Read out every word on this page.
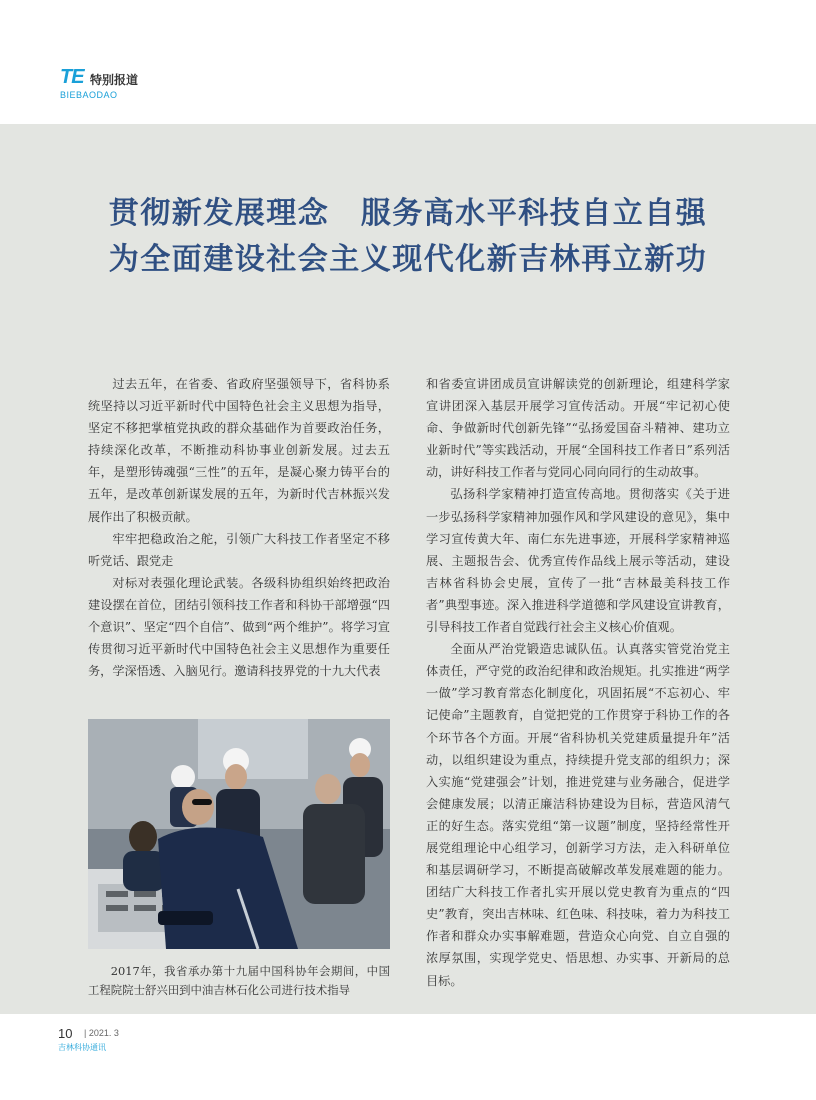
TE 特别报道
BIEBAODAO
贯彻新发展理念　服务高水平科技自立自强
为全面建设社会主义现代化新吉林再立新功

过去五年，在省委、省政府坚强领导下，省科协系统坚持以习近平新时代中国特色社会主义思想为指导，坚定不移把掌植党执政的群众基础作为首要政治任务，持续深化改革，不断推动科协事业创新发展。过去五年，是塑形铸魂强“三性”的五年，是凝心聚力铸平台的五年，是改革创新谋发展的五年，为新时代吉林振兴发展作出了积极贡献。

牢牢把稳政治之舵，引领广大科技工作者坚定不移听党话、跟党走

对标对表强化理论武装。各级科协组织始终把政治建设摆在首位，团结引领科技工作者和科协干部增强“四个意识”、坚定“四个自信”、做到“两个维护”。将学习宣传贯彻习近平新时代中国特色社会主义思想作为重要任务，学深悟透、入脑见行。邀请科技界党的十九大代表

2017年，我省承办第十九届中国科协年会期间，中国工程院院士舒兴田到中油吉林石化公司进行技术指导

和省委宣讲团成员宣讲解读党的创新理论，组建科学家宣讲团深入基层开展学习宣传活动。开展“牢记初心使命、争做新时代创新先锋”“弘扬爱国奋斗精神、建功立业新时代”等实践活动，开展“全国科技工作者日”系列活动，讲好科技工作者与党同心同向同行的生动故事。

弘扬科学家精神打造宣传高地。贯彻落实《关于进一步弘扬科学家精神加强作风和学风建设的意见》，集中学习宣传黄大年、南仁东先进事迹，开展科学家精神巡展、主题报告会、优秀宣传作品线上展示等活动，建设吉林省科协会史展，宣传了一批“吉林最美科技工作者”典型事迹。深入推进科学道德和学风建设宣讲教育，引导科技工作者自觉践行社会主义核心价值观。

全面从严治党锻造忠诚队伍。认真落实管党治党主体责任，严守党的政治纪律和政治规矩。扎实推进“两学一做”学习教育常态化制度化，巩固拓展“不忘初心、牢记使命”主题教育，自觉把党的工作贯穿于科协工作的各个环节各个方面。开展“省科协机关党建质量提升年”活动，以组织建设为重点，持续提升党支部的组织力；深入实施“党建强会”计划，推进党建与业务融合，促进学会健康发展；以清正廉洁科协建设为目标，营造风清气正的好生态。落实党组“第一议题”制度，坚持经常性开展党组理论中心组学习，创新学习方法，走入科研单位和基层调研学习，不断提高破解改革发展难题的能力。团结广大科技工作者扎实开展以党史教育为重点的“四史”教育，突出吉林味、红色味、科技味，着力为科技工作者和群众办实事解难题，营造众心向党、自立自强的浓厚氛围，实现学党史、悟思想、办实事、开新局的总目标。

10 | 2021. 3
吉林科协通讯
